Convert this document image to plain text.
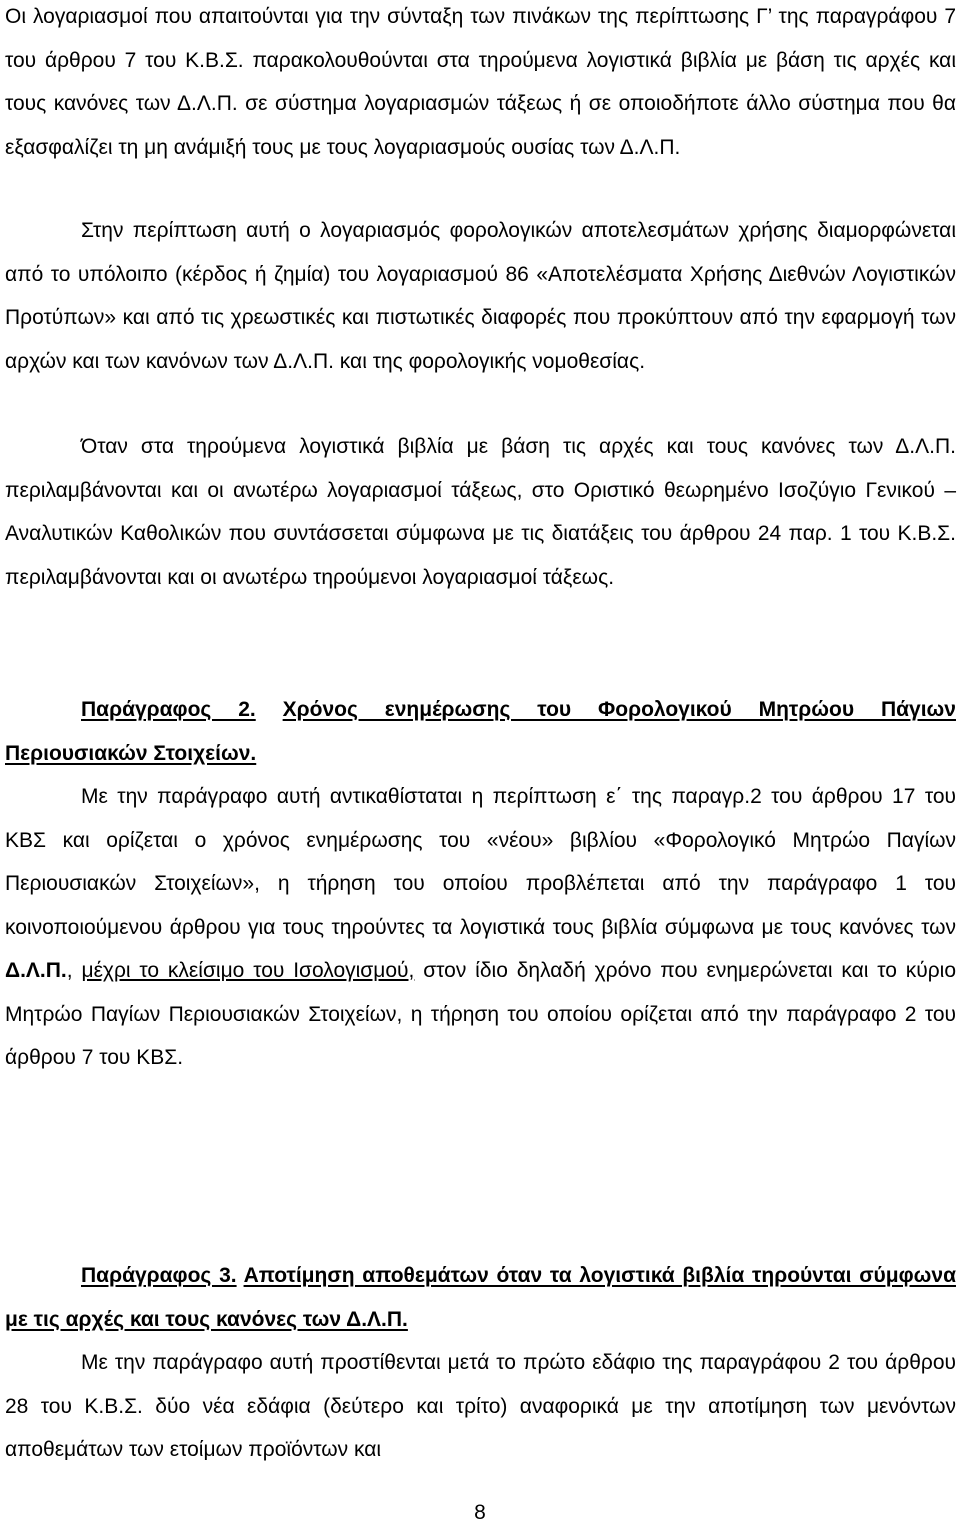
Οι λογαριασμοί που απαιτούνται για την σύνταξη των πινάκων της περίπτωσης Γ’ της παραγράφου 7 του άρθρου 7 του Κ.Β.Σ. παρακολουθούνται στα τηρούμενα λογιστικά βιβλία με βάση τις αρχές και τους κανόνες των Δ.Λ.Π. σε σύστημα λογαριασμών τάξεως ή σε οποιοδήποτε άλλο σύστημα που θα εξασφαλίζει τη μη ανάμιξή τους με τους λογαριασμούς ουσίας των Δ.Λ.Π.

Στην περίπτωση αυτή ο λογαριασμός φορολογικών αποτελεσμάτων χρήσης διαμορφώνεται από το υπόλοιπο (κέρδος ή ζημία) του λογαριασμού 86 «Αποτελέσματα Χρήσης Διεθνών Λογιστικών Προτύπων» και από τις χρεωστικές και πιστωτικές διαφορές που προκύπτουν από την εφαρμογή των αρχών και των κανόνων των Δ.Λ.Π. και της φορολογικής νομοθεσίας.

Όταν στα τηρούμενα λογιστικά βιβλία με βάση τις αρχές και τους κανόνες των Δ.Λ.Π. περιλαμβάνονται και οι ανωτέρω λογαριασμοί τάξεως, στο Οριστικό θεωρημένο Ισοζύγιο Γενικού – Αναλυτικών Καθολικών που συντάσσεται σύμφωνα με τις διατάξεις του άρθρου 24 παρ. 1 του Κ.Β.Σ. περιλαμβάνονται και οι ανωτέρω τηρούμενοι λογαριασμοί τάξεως.

Παράγραφος 2. Χρόνος ενημέρωσης του Φορολογικού Μητρώου Πάγιων Περιουσιακών Στοιχείων.

Με την παράγραφο αυτή αντικαθίσταται η περίπτωση ε΄ της παραγρ.2 του άρθρου 17 του ΚΒΣ και ορίζεται ο χρόνος ενημέρωσης του «νέου» βιβλίου «Φορολογικό Μητρώο Παγίων Περιουσιακών Στοιχείων», η τήρηση του οποίου προβλέπεται από την παράγραφο 1 του κοινοποιούμενου άρθρου για τους τηρούντες τα λογιστικά τους βιβλία σύμφωνα με τους κανόνες των Δ.Λ.Π., μέχρι το κλείσιμο του Ισολογισμού, στον ίδιο δηλαδή χρόνο που ενημερώνεται και το κύριο Μητρώο Παγίων Περιουσιακών Στοιχείων, η τήρηση του οποίου ορίζεται από την παράγραφο 2 του άρθρου 7 του ΚΒΣ.

Παράγραφος 3. Αποτίμηση αποθεμάτων όταν τα λογιστικά βιβλία τηρούνται σύμφωνα με τις αρχές και τους κανόνες των Δ.Λ.Π.

Με την παράγραφο αυτή προστίθενται μετά το πρώτο εδάφιο της παραγράφου 2 του άρθρου 28 του Κ.Β.Σ. δύο νέα εδάφια (δεύτερο και τρίτο) αναφορικά με την αποτίμηση των μενόντων αποθεμάτων των ετοίμων προϊόντων και

8
